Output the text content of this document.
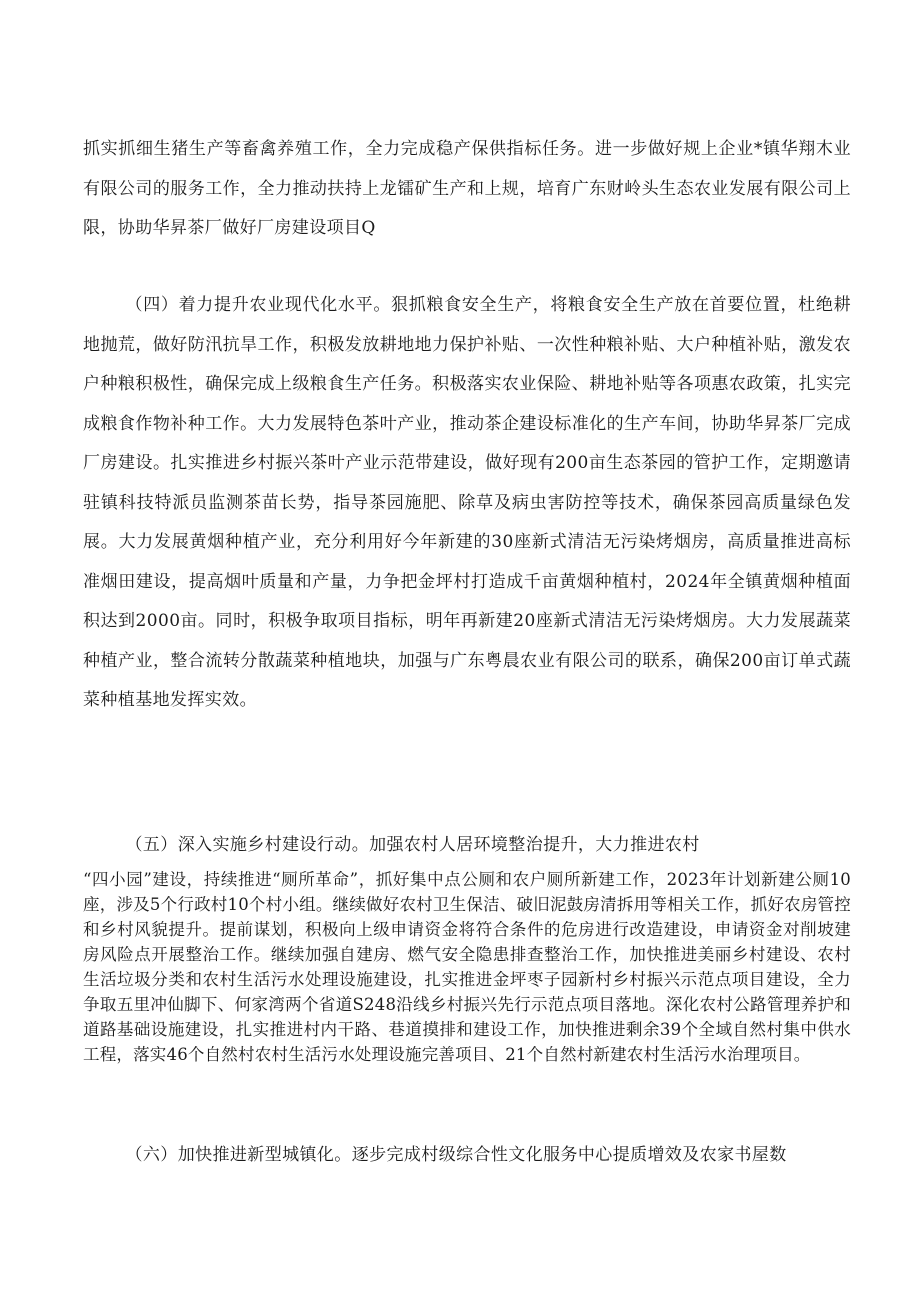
抓实抓细生猪生产等畜禽养殖工作，全力完成稳产保供指标任务。进一步做好规上企业*镇华翔木业有限公司的服务工作，全力推动扶持上龙镭矿生产和上规，培育广东财岭头生态农业发展有限公司上限，协助华昇茶厂做好厂房建设项目Q

（四）着力提升农业现代化水平。狠抓粮食安全生产，将粮食安全生产放在首要位置，杜绝耕地抛荒，做好防汛抗旱工作，积极发放耕地地力保护补贴、一次性种粮补贴、大户种植补贴，激发农户种粮积极性，确保完成上级粮食生产任务。积极落实农业保险、耕地补贴等各项惠农政策，扎实完成粮食作物补种工作。大力发展特色茶叶产业，推动茶企建设标准化的生产车间，协助华昇茶厂完成厂房建设。扎实推进乡村振兴茶叶产业示范带建设，做好现有200亩生态茶园的管护工作，定期邀请驻镇科技特派员监测茶苗长势，指导茶园施肥、除草及病虫害防控等技术，确保茶园高质量绿色发展。大力发展黄烟种植产业，充分利用好今年新建的30座新式清洁无污染烤烟房，高质量推进高标准烟田建设，提高烟叶质量和产量，力争把金坪村打造成千亩黄烟种植村，2024年全镇黄烟种植面积达到2000亩。同时，积极争取项目指标，明年再新建20座新式清洁无污染烤烟房。大力发展蔬菜种植产业，整合流转分散蔬菜种植地块，加强与广东粤晨农业有限公司的联系，确保200亩订单式蔬菜种植基地发挥实效。

（五）深入实施乡村建设行动。加强农村人居环境整治提升，大力推进农村

“四小园”建设，持续推进“厕所革命”，抓好集中点公厕和农户厕所新建工作，2023年计划新建公厕10座，涉及5个行政村10个村小组。继续做好农村卫生保洁、破旧泥鼓房清拆用等相关工作，抓好农房管控和乡村风貌提升。提前谋划，积极向上级申请资金将符合条件的危房进行改造建设，申请资金对削坡建房风险点开展整治工作。继续加强自建房、燃气安全隐患排查整治工作，加快推进美丽乡村建设、农村生活垃圾分类和农村生活污水处理设施建设，扎实推进金坪枣子园新村乡村振兴示范点项目建设，全力争取五里冲仙脚下、何家湾两个省道S248沿线乡村振兴先行示范点项目落地。深化农村公路管理养护和道路基础设施建设，扎实推进村内干路、巷道摸排和建设工作，加快推进剩余39个全域自然村集中供水工程，落实46个自然村农村生活污水处理设施完善项目、21个自然村新建农村生活污水治理项目。

（六）加快推进新型城镇化。逐步完成村级综合性文化服务中心提质增效及农家书屋数
